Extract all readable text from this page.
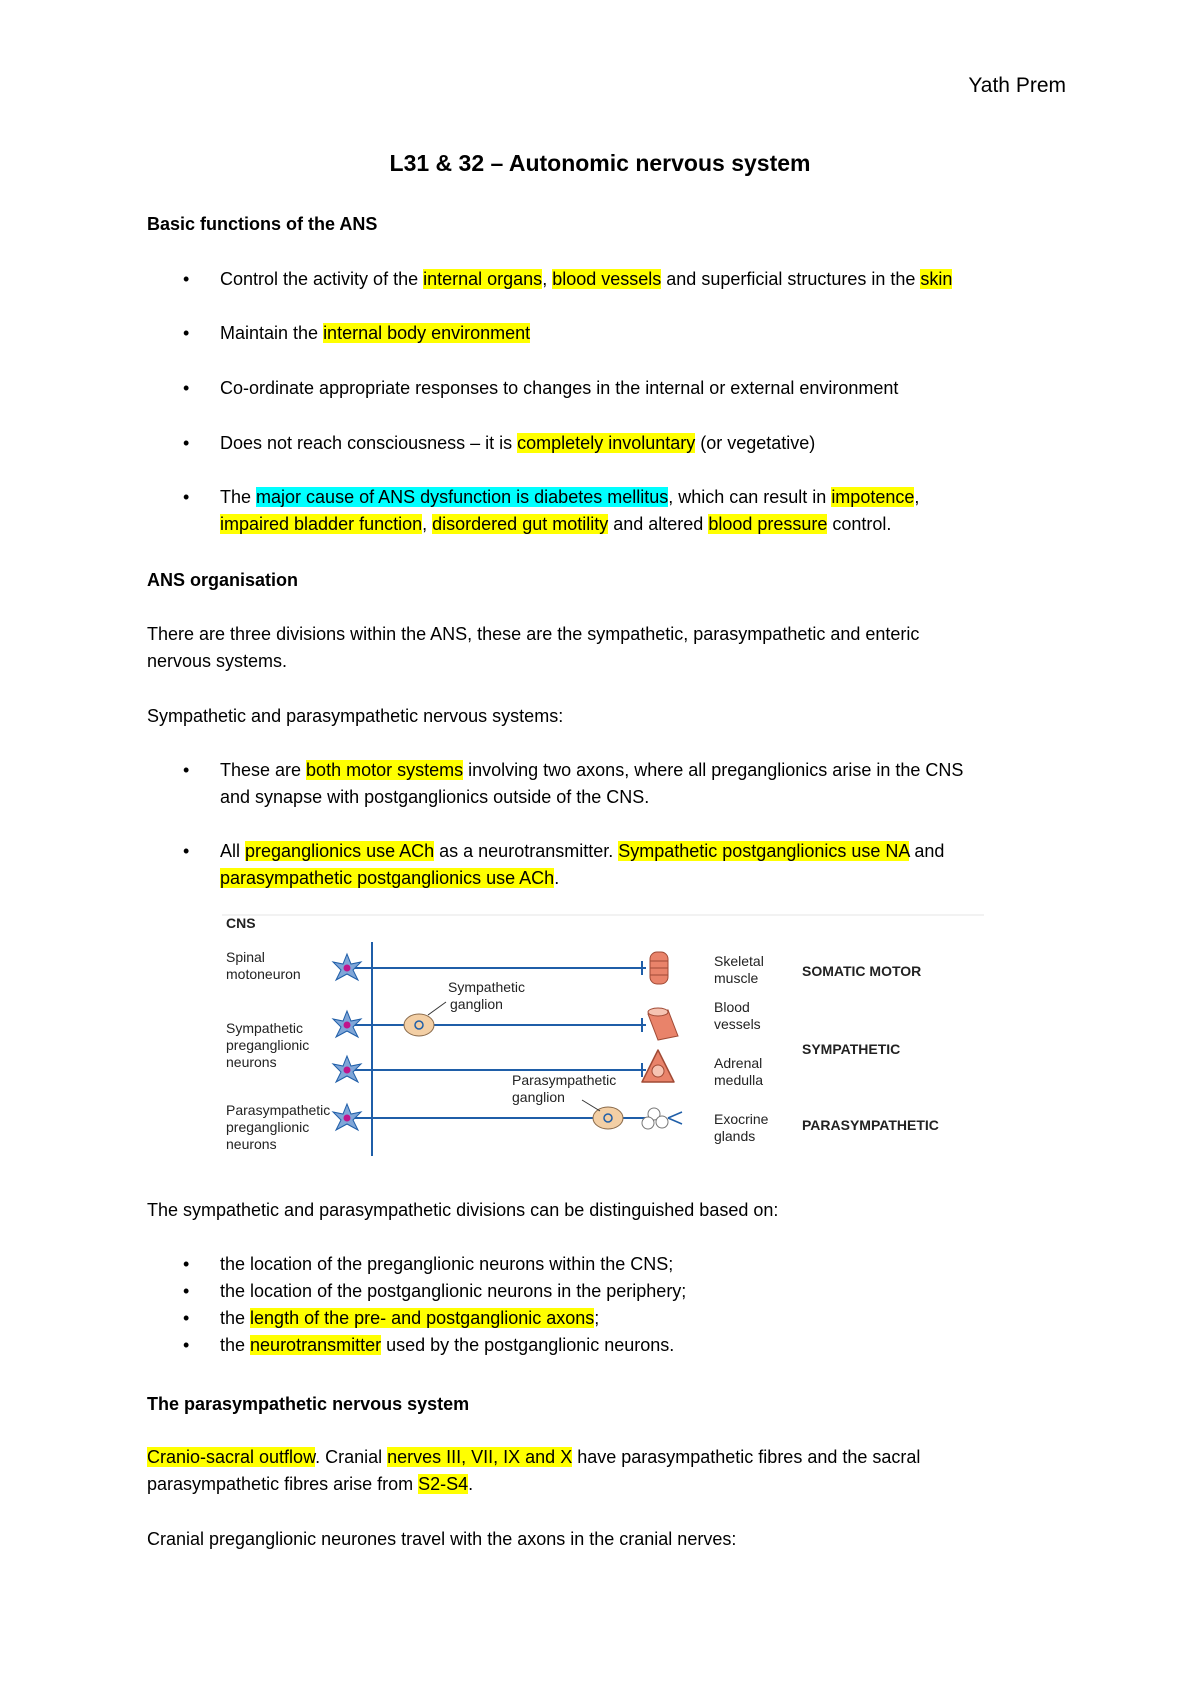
Yath Prem
L31 & 32 – Autonomic nervous system
Basic functions of the ANS
• Control the activity of the internal organs, blood vessels and superficial structures in the skin
• Maintain the internal body environment
• Co-ordinate appropriate responses to changes in the internal or external environment
• Does not reach consciousness – it is completely involuntary (or vegetative)
• The major cause of ANS dysfunction is diabetes mellitus, which can result in impotence,
impaired bladder function, disordered gut motility and altered blood pressure control.
ANS organisation
There are three divisions within the ANS, these are the sympathetic, parasympathetic and enteric
nervous systems.
Sympathetic and parasympathetic nervous systems:
• These are both motor systems involving two axons, where all preganglionics arise in the CNS
and synapse with postganglionics outside of the CNS.
• All preganglionics use ACh as a neurotransmitter. Sympathetic postganglionics use NA and
parasympathetic postganglionics use ACh.
CNS
Spinal motoneuron
Sympathetic preganglionic neurons
Parasympathetic preganglionic neurons
Sympathetic ganglion
Parasympathetic ganglion
Skeletal muscle
Blood vessels
Adrenal medulla
Exocrine glands
SOMATIC MOTOR
SYMPATHETIC
PARASYMPATHETIC
The sympathetic and parasympathetic divisions can be distinguished based on:
• the location of the preganglionic neurons within the CNS;
• the location of the postganglionic neurons in the periphery;
• the length of the pre- and postganglionic axons;
• the neurotransmitter used by the postganglionic neurons.
The parasympathetic nervous system
Cranio-sacral outflow. Cranial nerves III, VII, IX and X have parasympathetic fibres and the sacral
parasympathetic fibres arise from S2-S4.
Cranial preganglionic neurones travel with the axons in the cranial nerves:
